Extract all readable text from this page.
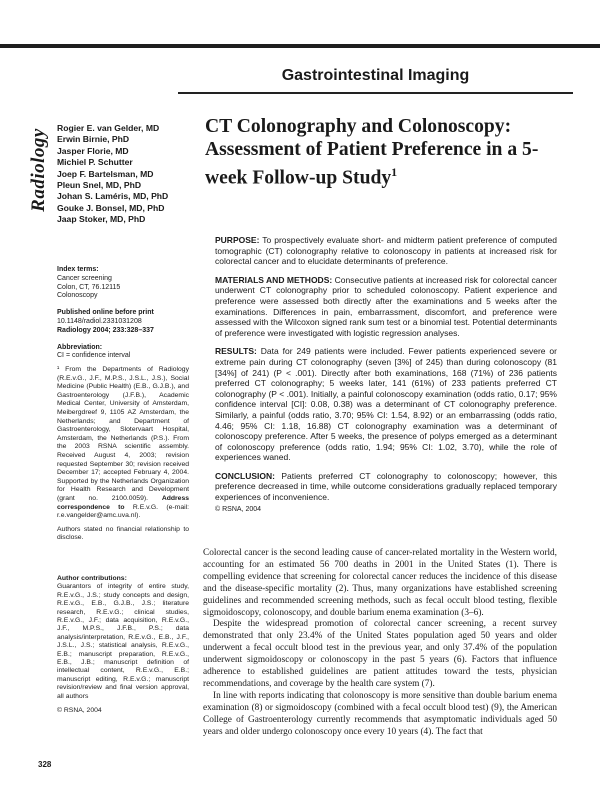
Gastrointestinal Imaging
Radiology
Rogier E. van Gelder, MD
Erwin Birnie, PhD
Jasper Florie, MD
Michiel P. Schutter
Joep F. Bartelsman, MD
Pleun Snel, MD, PhD
Johan S. Laméris, MD, PhD
Gouke J. Bonsel, MD, PhD
Jaap Stoker, MD, PhD
CT Colonography and Colonoscopy: Assessment of Patient Preference in a 5-week Follow-up Study$^1$

PURPOSE: To prospectively evaluate short- and midterm patient preference of computed tomographic (CT) colonography relative to colonoscopy in patients at increased risk for colorectal cancer and to elucidate determinants of preference.

MATERIALS AND METHODS: Consecutive patients at increased risk for colorectal cancer underwent CT colonography prior to scheduled colonoscopy. Patient experience and preference were assessed both directly after the examinations and 5 weeks after the examinations. Differences in pain, embarrassment, discomfort, and preference were assessed with the Wilcoxon signed rank sum test or a binomial test. Potential determinants of preference were investigated with logistic regression analyses.

RESULTS: Data for 249 patients were included. Fewer patients experienced severe or extreme pain during CT colonography (seven [3%] of 245) than during colonoscopy (81 [34%] of 241) (P < .001). Directly after both examinations, 168 (71%) of 236 patients preferred CT colonography; 5 weeks later, 141 (61%) of 233 patients preferred CT colonography (P < .001). Initially, a painful colonoscopy examination (odds ratio, 0.17; 95% confidence interval [CI]: 0.08, 0.38) was a determinant of CT colonography preference. Similarly, a painful (odds ratio, 3.70; 95% CI: 1.54, 8.92) or an embarrassing (odds ratio, 4.46; 95% CI: 1.18, 16.88) CT colonography examination was a determinant of colonoscopy preference. After 5 weeks, the presence of polyps emerged as a determinant of colonoscopy preference (odds ratio, 1.94; 95% CI: 1.02, 3.70), while the role of experiences waned.

CONCLUSION: Patients preferred CT colonography to colonoscopy; however, this preference decreased in time, while outcome considerations gradually replaced temporary experiences of inconvenience.

© RSNA, 2004

Index terms:
Cancer screening
Colon, CT, 76.12115
Colonoscopy
Published online before print
10.1148/radiol.2331031208
Radiology 2004; 233:328–337
Abbreviation:
CI = confidence interval

¹ From the Departments of Radiology (R.E.v.G., J.F., M.P.S., J.S.L., J.S.), Social Medicine (Public Health) (E.B., G.J.B.), and Gastroenterology (J.F.B.), Academic Medical Center, University of Amsterdam, Meibergdreef 9, 1105 AZ Amsterdam, the Netherlands; and Department of Gastroenterology, Slotervaart Hospital, Amsterdam, the Netherlands (P.S.). From the 2003 RSNA scientific assembly. Received August 4, 2003; revision requested September 30; revision received December 17; accepted February 4, 2004. Supported by the Netherlands Organization for Health Research and Development (grant no. 2100.0059). Address correspondence to R.E.v.G. (e-mail: r.e.vangelder@amc.uva.nl).

Authors stated no financial relationship to disclose.

Author contributions:
Guarantors of integrity of entire study, R.E.v.G., J.S.; study concepts and design, R.E.v.G., E.B., G.J.B., J.S.; literature research, R.E.v.G.; clinical studies, R.E.v.G., J.F.; data acquisition, R.E.v.G., J.F., M.P.S., J.F.B., P.S.; data analysis/interpretation, R.E.v.G., E.B., J.F., J.S.L., J.S.; statistical analysis, R.E.v.G., E.B.; manuscript preparation, R.E.v.G., E.B., J.B.; manuscript definition of intellectual content, R.E.v.G., E.B.; manuscript editing, R.E.v.G.; manuscript revision/review and final version approval, all authors
© RSNA, 2004

Colorectal cancer is the second leading cause of cancer-related mortality in the Western world, accounting for an estimated 56 700 deaths in 2001 in the United States (1). There is compelling evidence that screening for colorectal cancer reduces the incidence of this disease and the disease-specific mortality (2). Thus, many organizations have established screening guidelines and recommended screening methods, such as fecal occult blood testing, flexible sigmoidoscopy, colonoscopy, and double barium enema examination (3–6).

Despite the widespread promotion of colorectal cancer screening, a recent survey demonstrated that only 23.4% of the United States population aged 50 years and older underwent a fecal occult blood test in the previous year, and only 37.4% of the population underwent sigmoidoscopy or colonoscopy in the past 5 years (6). Factors that influence adherence to established guidelines are patient attitudes toward the tests, physician recommendations, and coverage by the health care system (7).

In line with reports indicating that colonoscopy is more sensitive than double barium enema examination (8) or sigmoidoscopy (combined with a fecal occult blood test) (9), the American College of Gastroenterology currently recommends that asymptomatic individuals aged 50 years and older undergo colonoscopy once every 10 years (4). The fact that

328
